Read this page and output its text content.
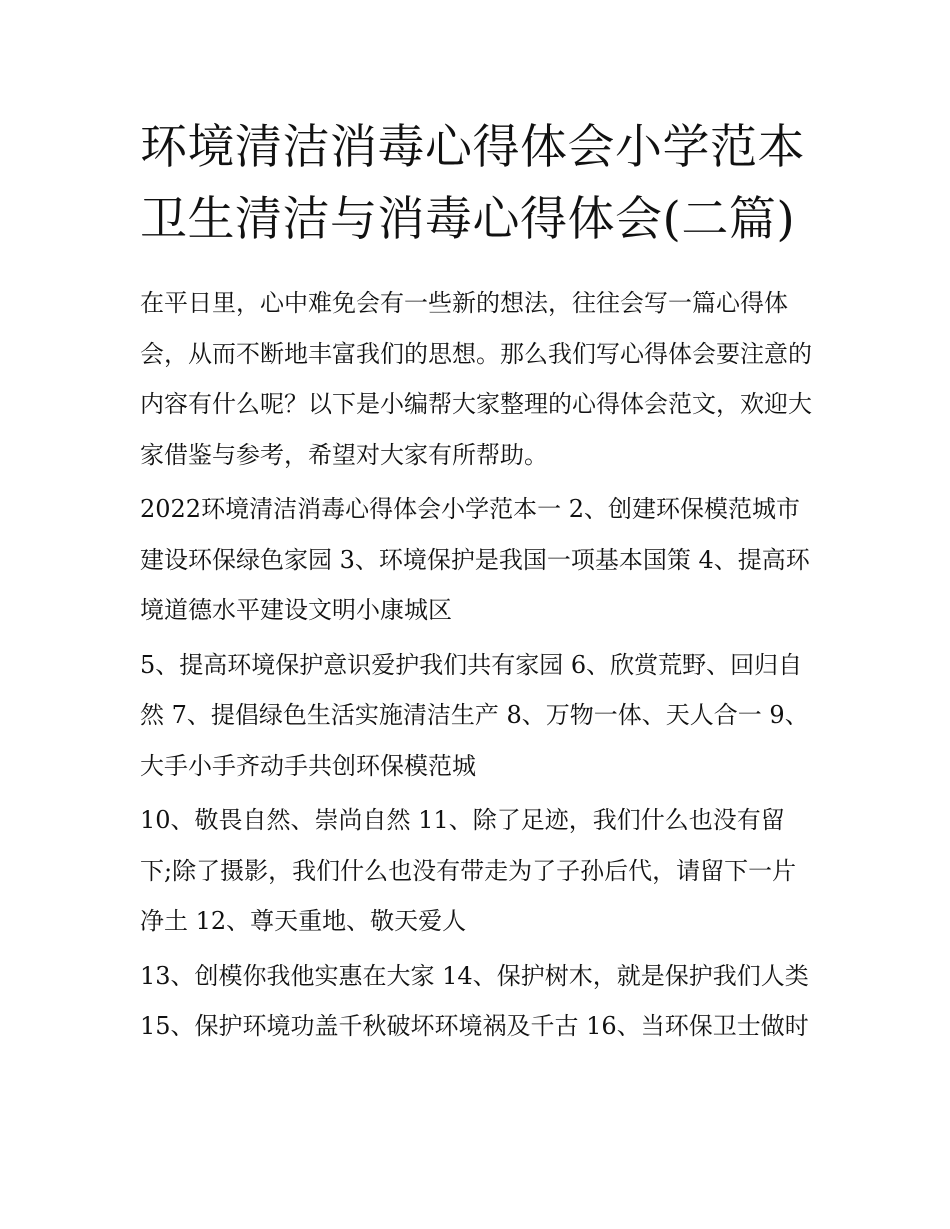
环境清洁消毒心得体会小学范本 卫生清洁与消毒心得体会(二篇)

在平日里，心中难免会有一些新的想法，往往会写一篇心得体会，从而不断地丰富我们的思想。那么我们写心得体会要注意的内容有什么呢？以下是小编帮大家整理的心得体会范文，欢迎大家借鉴与参考，希望对大家有所帮助。

2022环境清洁消毒心得体会小学范本一 2、创建环保模范城市建设环保绿色家园 3、环境保护是我国一项基本国策 4、提高环境道德水平建设文明小康城区

5、提高环境保护意识爱护我们共有家园 6、欣赏荒野、回归自然 7、提倡绿色生活实施清洁生产 8、万物一体、天人合一 9、大手小手齐动手共创环保模范城

10、敬畏自然、崇尚自然 11、除了足迹，我们什么也没有留下;除了摄影，我们什么也没有带走为了子孙后代，请留下一片净土 12、尊天重地、敬天爱人

13、创模你我他实惠在大家 14、保护树木，就是保护我们人类 15、保护环境功盖千秋破坏环境祸及千古 16、当环保卫士做时
